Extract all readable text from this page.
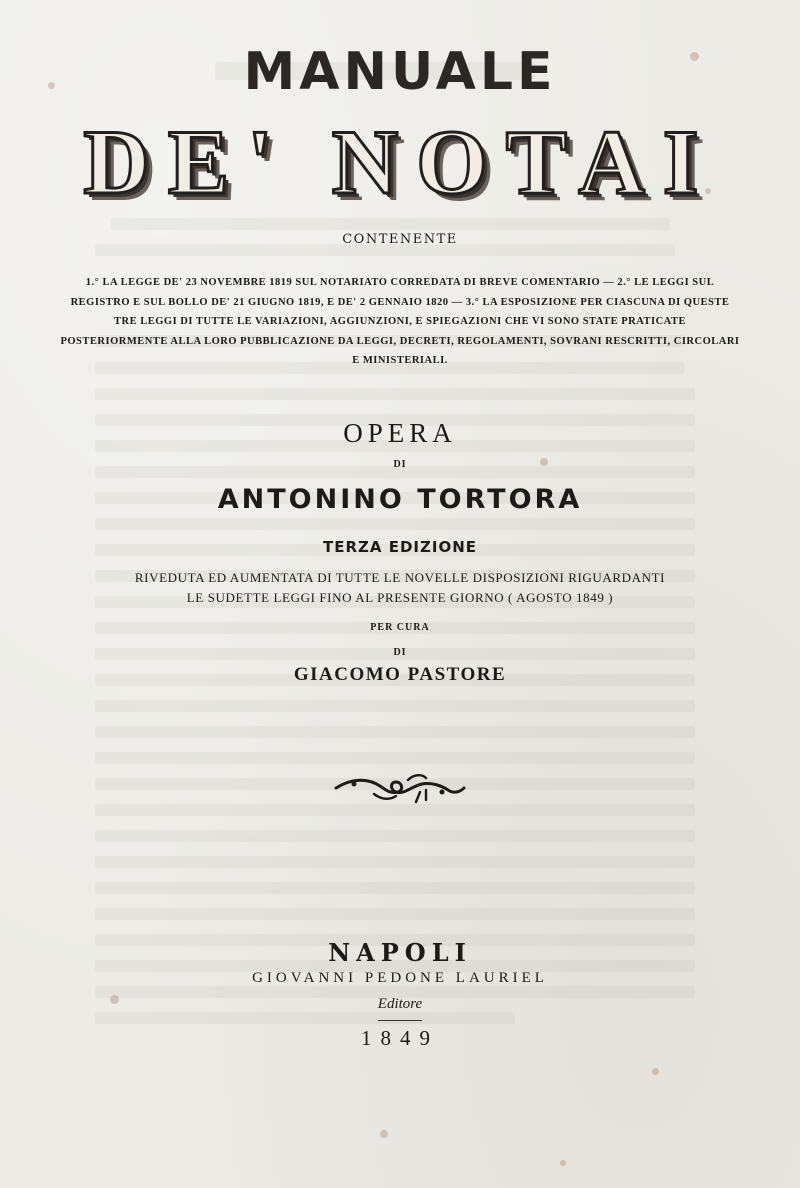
MANUALE
DE' NOTAI
CONTENENTE
1.° LA LEGGE DE' 23 NOVEMBRE 1819 SUL NOTARIATO CORREDATA DI BREVE COMENTARIO — 2.° LE LEGGI SUL REGISTRO E SUL BOLLO DE' 21 GIUGNO 1819, E DE' 2 GENNAIO 1820 — 3.° LA ESPOSIZIONE PER CIASCUNA DI QUESTE TRE LEGGI DI TUTTE LE VARIAZIONI, AGGIUNZIONI, E SPIEGAZIONI CHE VI SONO STATE PRATICATE POSTERIORMENTE ALLA LORO PUBBLICAZIONE DA LEGGI, DECRETI, REGOLAMENTI, SOVRANI RESCRITTI, CIRCOLARI E MINISTERIALI.
OPERA
DI
ANTONINO TORTORA
TERZA EDIZIONE
RIVEDUTA ED AUMENTATA DI TUTTE LE NOVELLE DISPOSIZIONI RIGUARDANTI
LE SUDETTE LEGGI FINO AL PRESENTE GIORNO ( AGOSTO 1849 )
PER CURA
DI
GIACOMO PASTORE
NAPOLI
GIOVANNI PEDONE LAURIEL
Editore
1849
